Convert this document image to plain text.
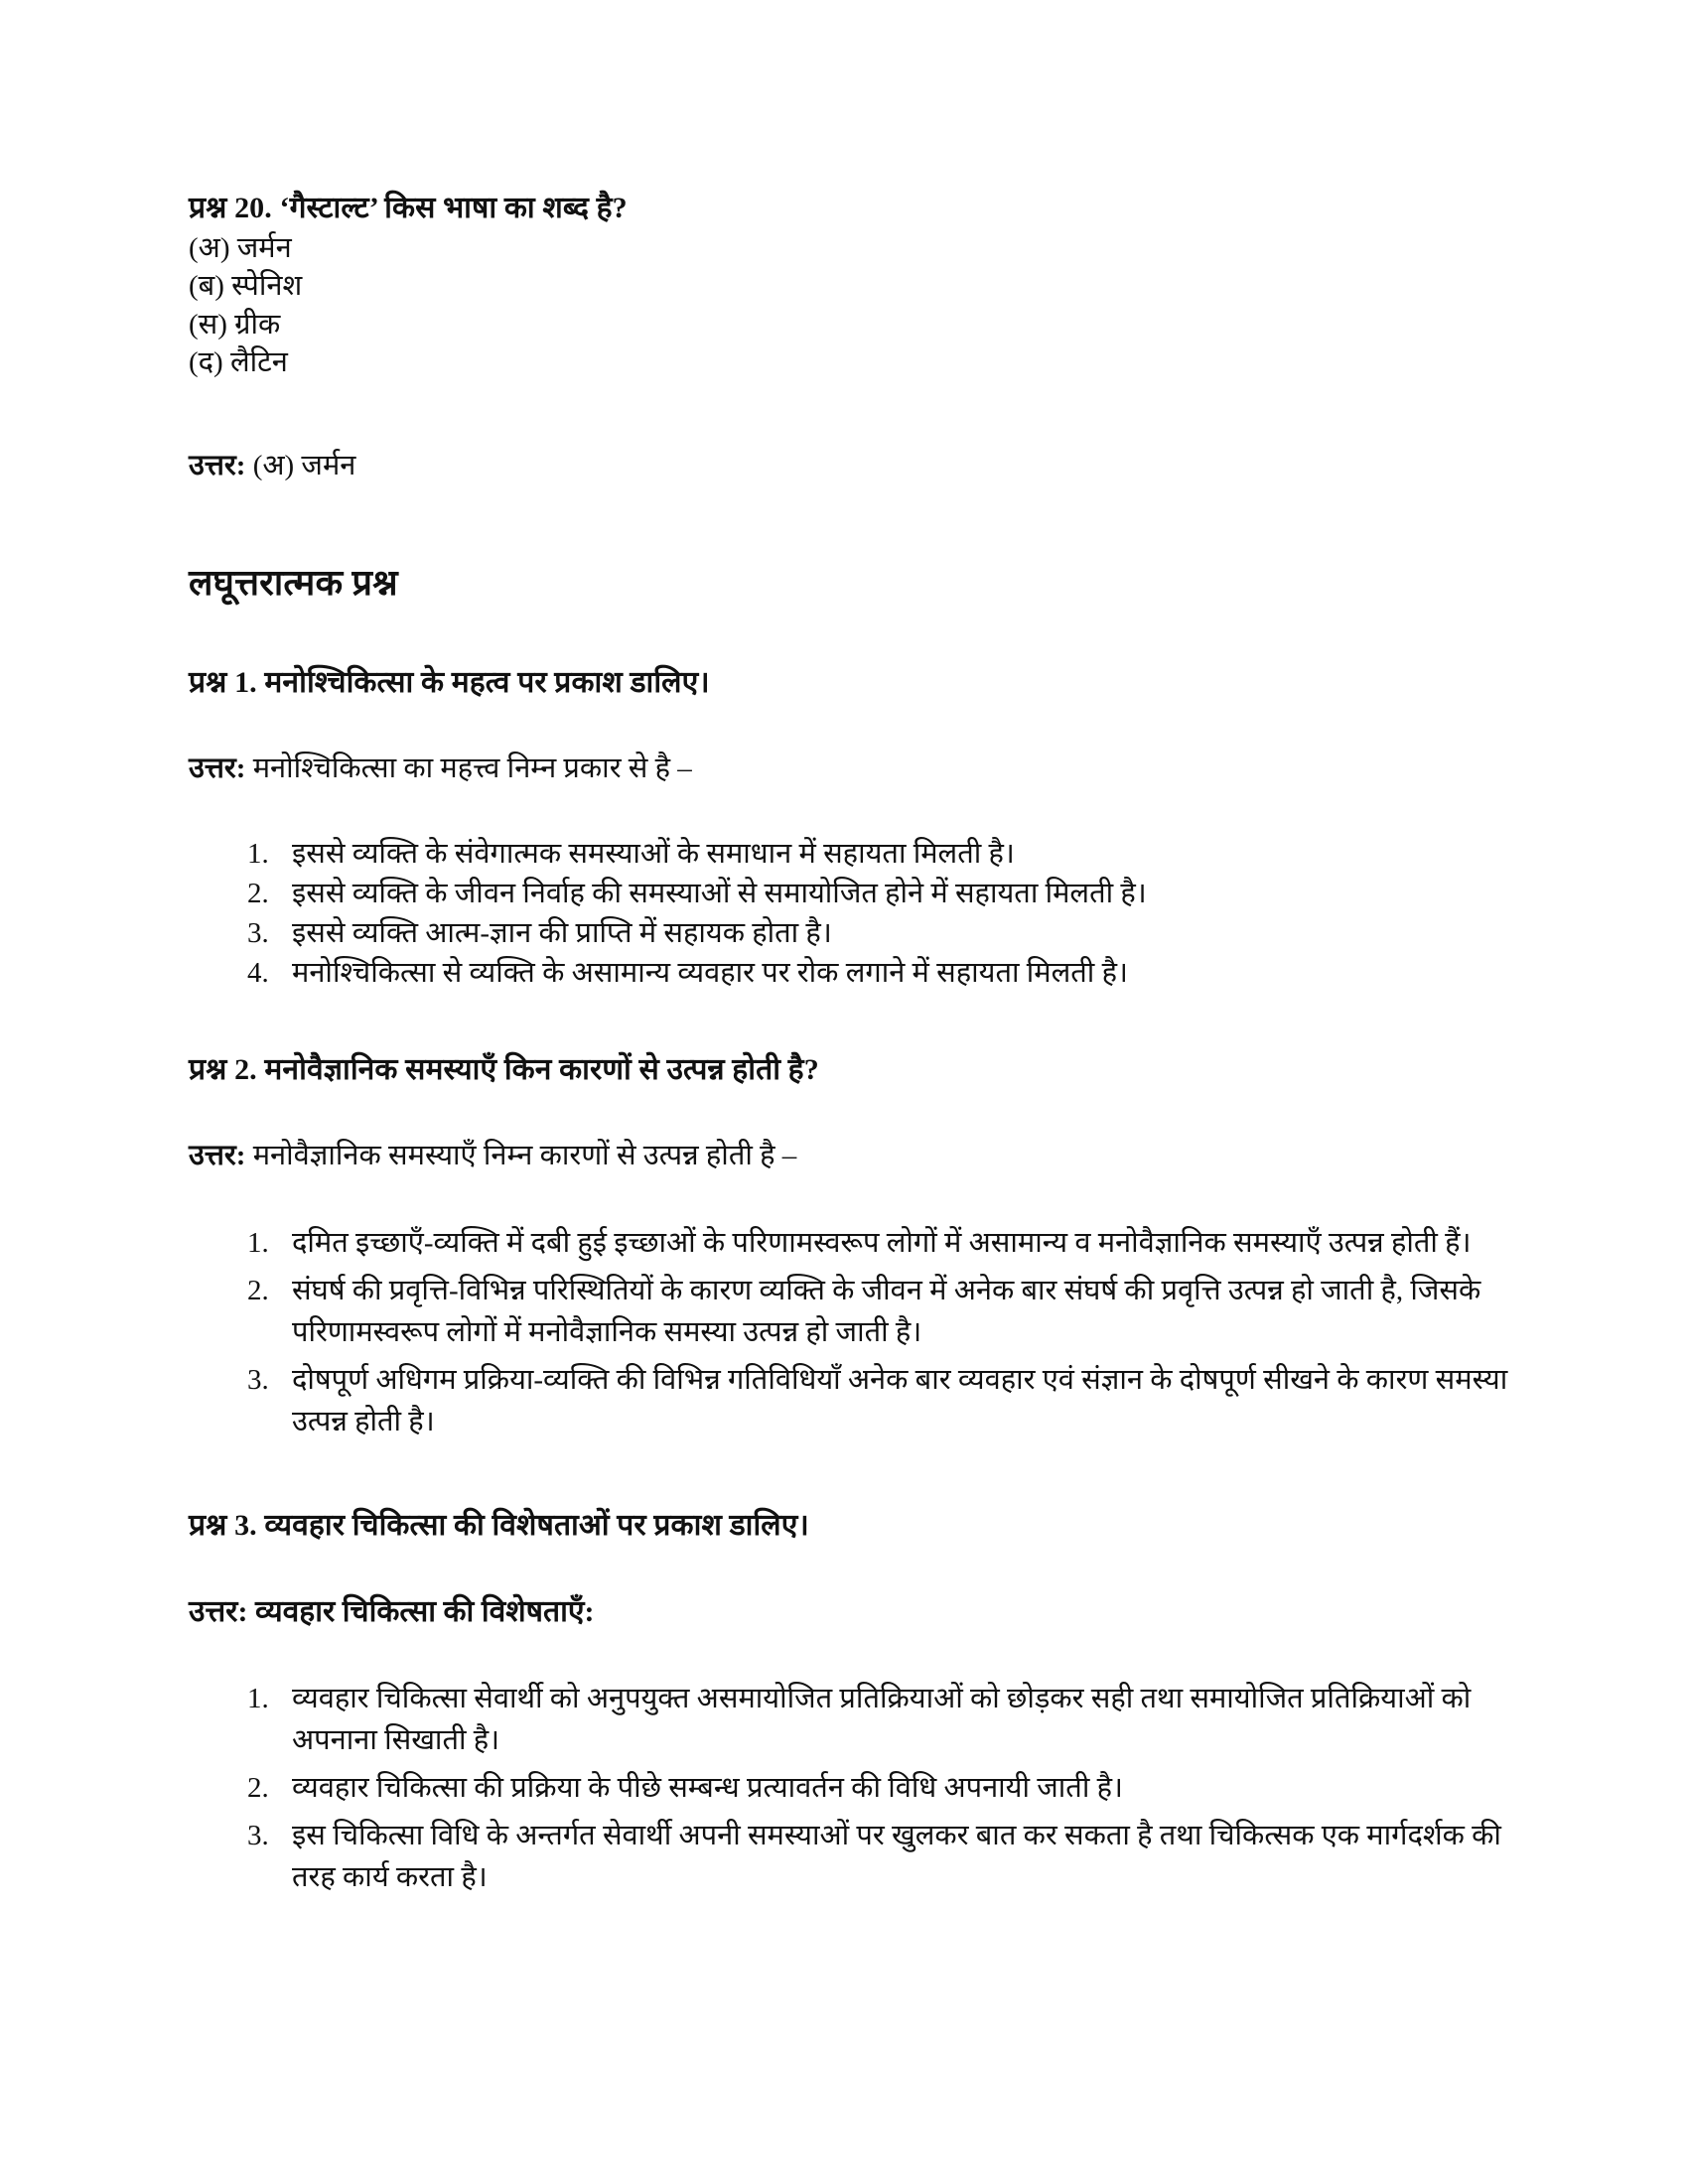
प्रश्न 20. ‘गैस्टाल्ट’ किस भाषा का शब्द है?
(अ) जर्मन
(ब) स्पेनिश
(स) ग्रीक
(द) लैटिन
उत्तर: (अ) जर्मन
लघूत्तरात्मक प्रश्न
प्रश्न 1. मनोश्चिकित्सा के महत्व पर प्रकाश डालिए।
उत्तर: मनोश्चिकित्सा का महत्त्व निम्न प्रकार से है –
1. इससे व्यक्ति के संवेगात्मक समस्याओं के समाधान में सहायता मिलती है।
2. इससे व्यक्ति के जीवन निर्वाह की समस्याओं से समायोजित होने में सहायता मिलती है।
3. इससे व्यक्ति आत्म-ज्ञान की प्राप्ति में सहायक होता है।
4. मनोश्चिकित्सा से व्यक्ति के असामान्य व्यवहार पर रोक लगाने में सहायता मिलती है।
प्रश्न 2. मनोवैज्ञानिक समस्याएँ किन कारणों से उत्पन्न होती है?
उत्तर: मनोवैज्ञानिक समस्याएँ निम्न कारणों से उत्पन्न होती है –
1. दमित इच्छाएँ-व्यक्ति में दबी हुई इच्छाओं के परिणामस्वरूप लोगों में असामान्य व मनोवैज्ञानिक समस्याएँ उत्पन्न होती हैं।
2. संघर्ष की प्रवृत्ति-विभिन्न परिस्थितियों के कारण व्यक्ति के जीवन में अनेक बार संघर्ष की प्रवृत्ति उत्पन्न हो जाती है, जिसके परिणामस्वरूप लोगों में मनोवैज्ञानिक समस्या उत्पन्न हो जाती है।
3. दोषपूर्ण अधिगम प्रक्रिया-व्यक्ति की विभिन्न गतिविधियाँ अनेक बार व्यवहार एवं संज्ञान के दोषपूर्ण सीखने के कारण समस्या उत्पन्न होती है।
प्रश्न 3. व्यवहार चिकित्सा की विशेषताओं पर प्रकाश डालिए।
उत्तर: व्यवहार चिकित्सा की विशेषताएँ:
1. व्यवहार चिकित्सा सेवार्थी को अनुपयुक्त असमायोजित प्रतिक्रियाओं को छोड़कर सही तथा समायोजित प्रतिक्रियाओं को अपनाना सिखाती है।
2. व्यवहार चिकित्सा की प्रक्रिया के पीछे सम्बन्ध प्रत्यावर्तन की विधि अपनायी जाती है।
3. इस चिकित्सा विधि के अन्तर्गत सेवार्थी अपनी समस्याओं पर खुलकर बात कर सकता है तथा चिकित्सक एक मार्गदर्शक की तरह कार्य करता है।
